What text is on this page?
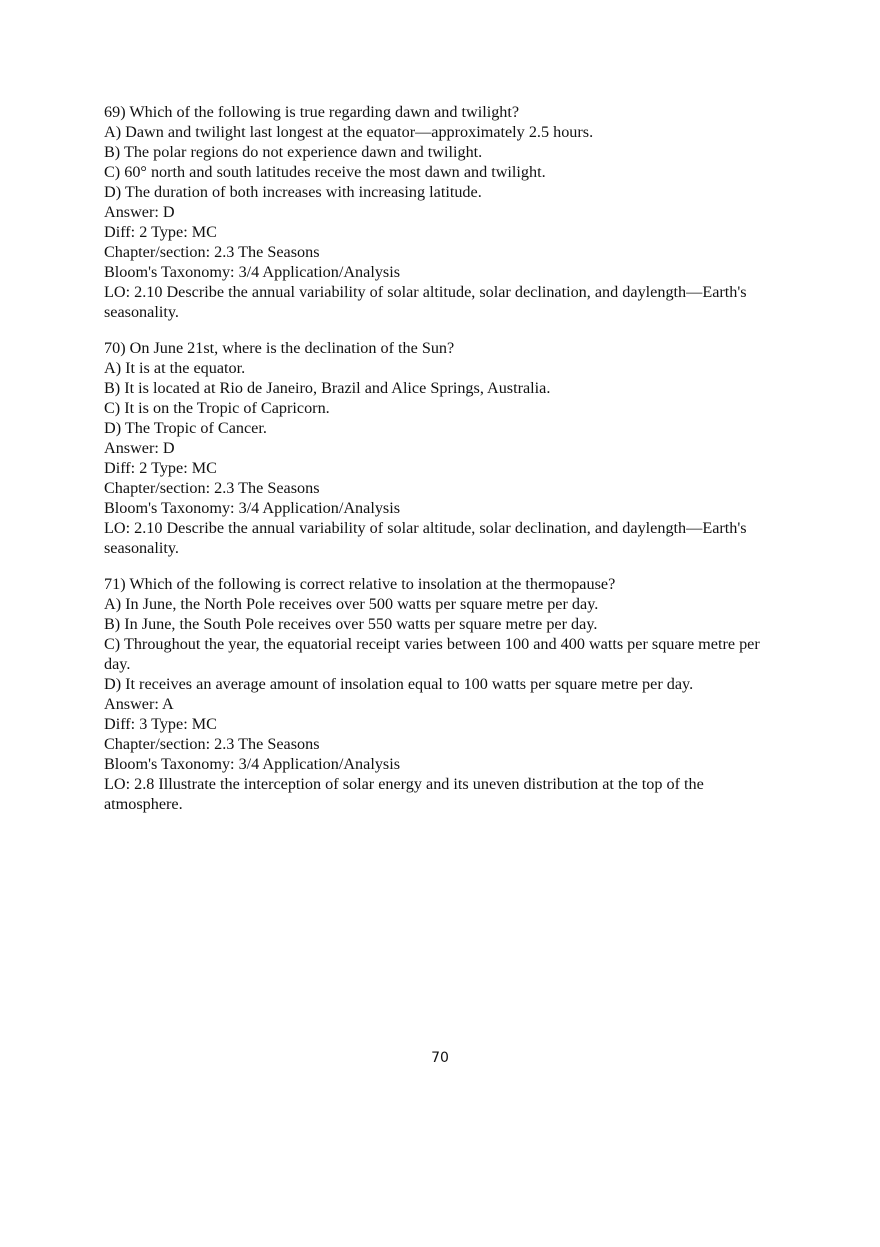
69) Which of the following is true regarding dawn and twilight?
A) Dawn and twilight last longest at the equator—approximately 2.5 hours.
B) The polar regions do not experience dawn and twilight.
C) 60° north and south latitudes receive the most dawn and twilight.
D) The duration of both increases with increasing latitude.
Answer: D
Diff: 2 Type: MC
Chapter/section: 2.3 The Seasons
Bloom's Taxonomy: 3/4 Application/Analysis
LO: 2.10 Describe the annual variability of solar altitude, solar declination, and daylength—Earth's seasonality.
70) On June 21st, where is the declination of the Sun?
A) It is at the equator.
B) It is located at Rio de Janeiro, Brazil and Alice Springs, Australia.
C) It is on the Tropic of Capricorn.
D) The Tropic of Cancer.
Answer: D
Diff: 2 Type: MC
Chapter/section: 2.3 The Seasons
Bloom's Taxonomy: 3/4 Application/Analysis
LO: 2.10 Describe the annual variability of solar altitude, solar declination, and daylength—Earth's seasonality.
71) Which of the following is correct relative to insolation at the thermopause?
A) In June, the North Pole receives over 500 watts per square metre per day.
B) In June, the South Pole receives over 550 watts per square metre per day.
C) Throughout the year, the equatorial receipt varies between 100 and 400 watts per square metre per day.
D) It receives an average amount of insolation equal to 100 watts per square metre per day.
Answer: A
Diff: 3 Type: MC
Chapter/section: 2.3 The Seasons
Bloom's Taxonomy: 3/4 Application/Analysis
LO: 2.8 Illustrate the interception of solar energy and its uneven distribution at the top of the atmosphere.
70
